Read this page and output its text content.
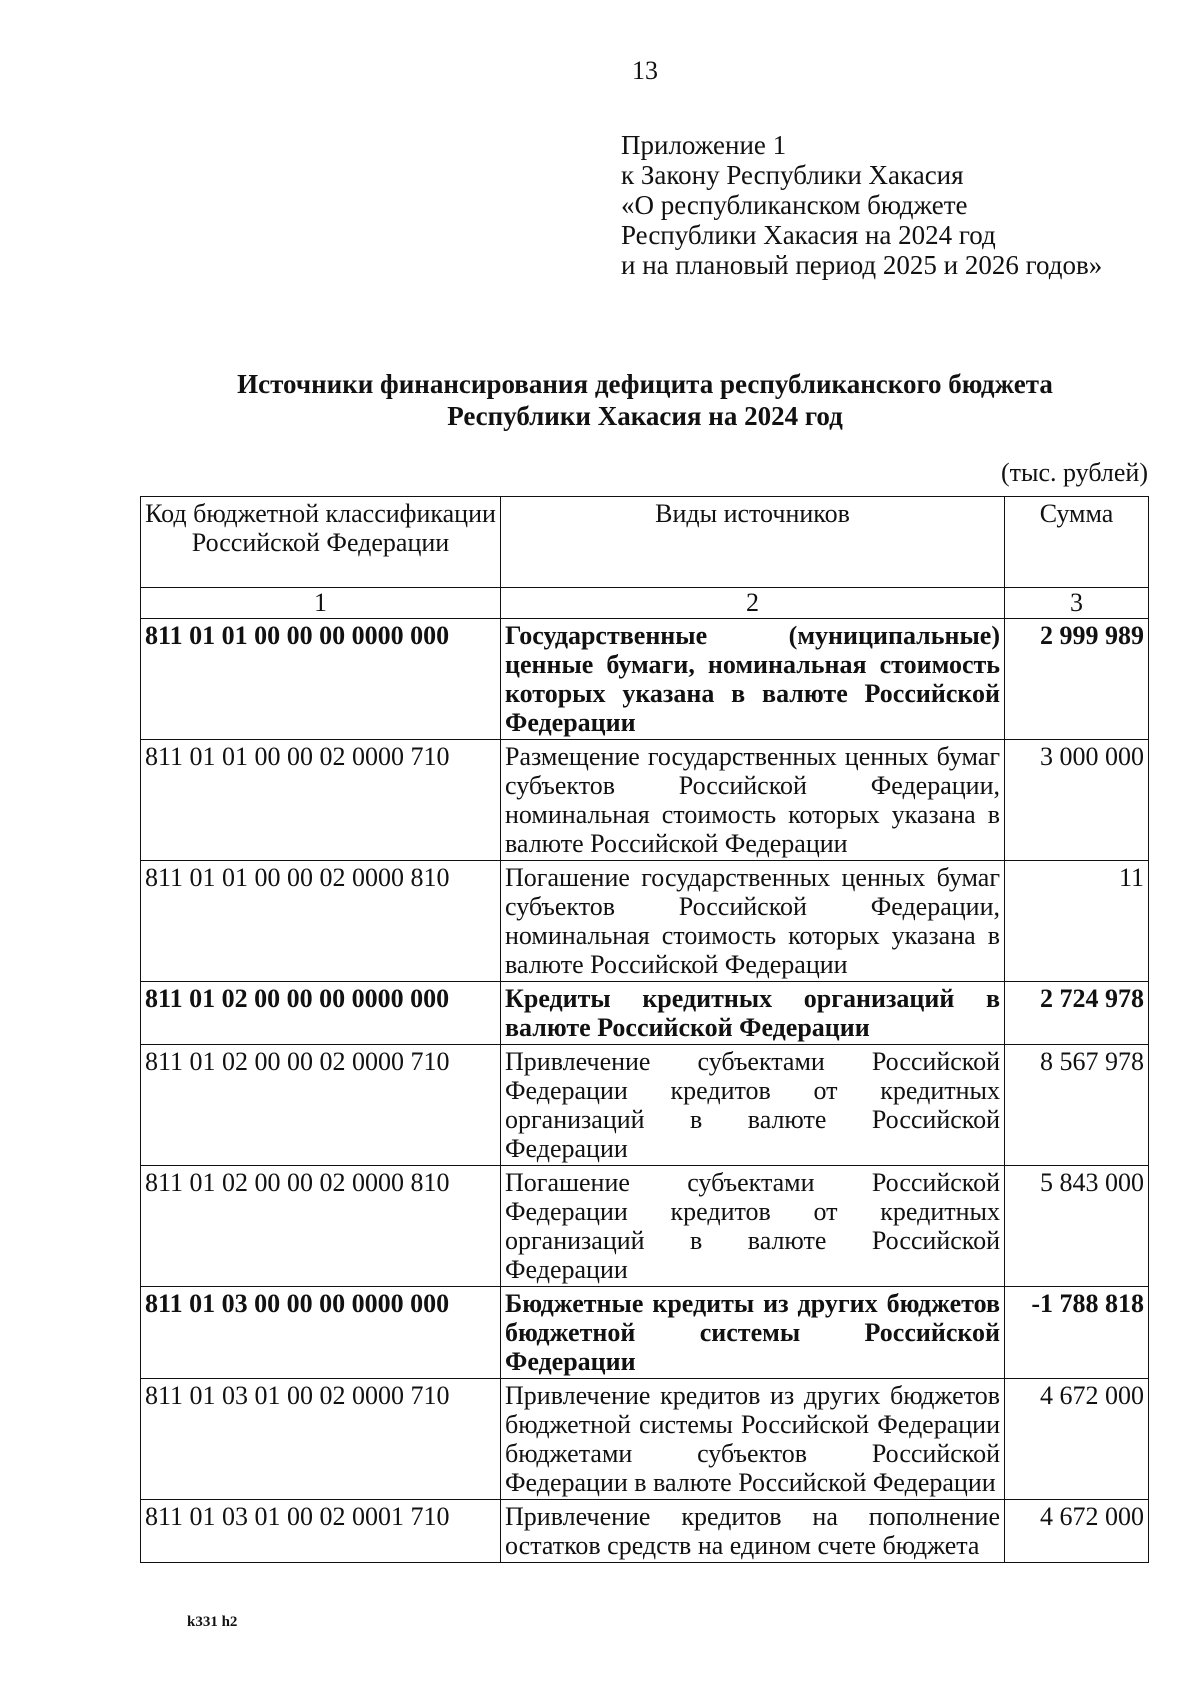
13
Приложение 1
к Закону Республики Хакасия
«О республиканском бюджете
Республики Хакасия на 2024 год
и на плановый период 2025 и 2026 годов»
Источники финансирования дефицита республиканского бюджета
Республики Хакасия на 2024 год
(тыс. рублей)
Код бюджетной классификации Российской Федерации	Виды источников	Сумма
1	2	3
811 01 01 00 00 00 0000 000	Государственные (муниципальные) ценные бумаги, номинальная стоимость которых указана в валюте Российской Федерации	2 999 989
811 01 01 00 00 02 0000 710	Размещение государственных ценных бумаг субъектов Российской Федерации, номинальная стоимость которых указана в валюте Российской Федерации	3 000 000
811 01 01 00 00 02 0000 810	Погашение государственных ценных бумаг субъектов Российской Федерации, номинальная стоимость которых указана в валюте Российской Федерации	11
811 01 02 00 00 00 0000 000	Кредиты кредитных организаций в валюте Российской Федерации	2 724 978
811 01 02 00 00 02 0000 710	Привлечение субъектами Российской Федерации кредитов от кредитных организаций в валюте Российской Федерации	8 567 978
811 01 02 00 00 02 0000 810	Погашение субъектами Российской Федерации кредитов от кредитных организаций в валюте Российской Федерации	5 843 000
811 01 03 00 00 00 0000 000	Бюджетные кредиты из других бюджетов бюджетной системы Российской Федерации	-1 788 818
811 01 03 01 00 02 0000 710	Привлечение кредитов из других бюджетов бюджетной системы Российской Федерации бюджетами субъектов Российской Федерации в валюте Российской Федерации	4 672 000
811 01 03 01 00 02 0001 710	Привлечение кредитов на пополнение остатков средств на едином счете бюджета	4 672 000
k331 h2
